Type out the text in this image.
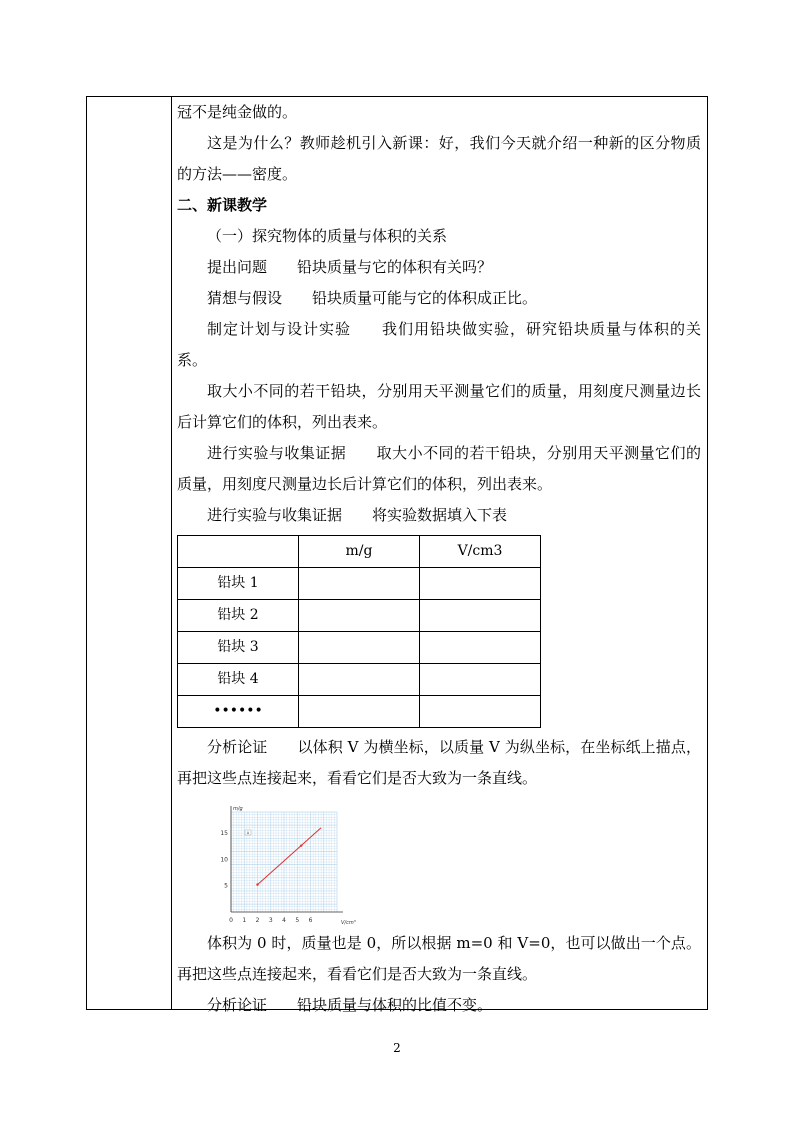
冠不是纯金做的。

这是为什么？教师趁机引入新课：好，我们今天就介绍一种新的区分物质的方法——密度。

二、新课教学

（一）探究物体的质量与体积的关系

提出问题 铅块质量与它的体积有关吗？

猜想与假设 铅块质量可能与它的体积成正比。

制定计划与设计实验 我们用铅块做实验，研究铅块质量与体积的关系。

取大小不同的若干铅块，分别用天平测量它们的质量，用刻度尺测量边长后计算它们的体积，列出表来。

进行实验与收集证据 取大小不同的若干铅块，分别用天平测量它们的质量，用刻度尺测量边长后计算它们的体积，列出表来。

进行实验与收集证据 将实验数据填入下表

	m/g	V/cm3
铅块 1		
铅块 2		
铅块 3		
铅块 4		
••••••		

分析论证 以体积 V 为横坐标，以质量 V 为纵坐标，在坐标纸上描点，再把这些点连接起来，看看它们是否大致为一条直线。

m/g
V/cm³
0 1 2 3 4 5 6
5
10
15	A

体积为 0 时，质量也是 0，所以根据 m=0 和 V=0，也可以做出一个点。再把这些点连接起来，看看它们是否大致为一条直线。

分析论证 铅块质量与体积的比值不变。

2
